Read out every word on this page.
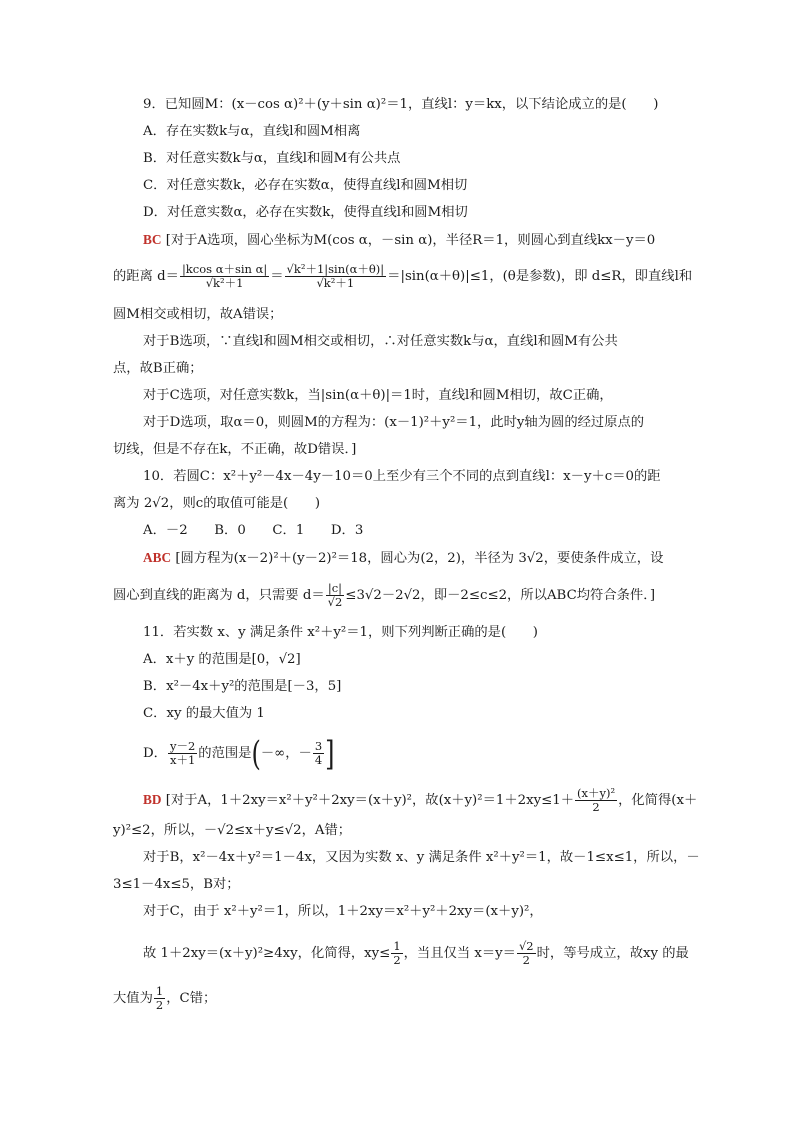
9．已知圆M：(x－cos α)²＋(y＋sin α)²＝1，直线l：y＝kx，以下结论成立的是(　　)
A．存在实数k与α，直线l和圆M相离
B．对任意实数k与α，直线l和圆M有公共点
C．对任意实数k，必存在实数α，使得直线l和圆M相切
D．对任意实数α，必存在实数k，使得直线l和圆M相切
BC [对于A选项，圆心坐标为M(cos α，－sin α)，半径R＝1，则圆心到直线kx－y＝0
的距离 $d= \frac{\text{|kcos α＋sin α|}}{\text{√k²＋1}} = \frac{\text{√k²＋1|sin(α＋θ)|}}{\text{√k²＋1}} =|\sin(\alpha+\theta)|\le 1$，(θ是参数)，即 d≤R，即直线l和
圆M相交或相切，故A错误；
对于B选项，∵直线l和圆M相交或相切，∴对任意实数k与α，直线l和圆M有公共
点，故B正确；
对于C选项，对任意实数k，当|sin(α＋θ)|＝1时，直线l和圆M相切，故C正确，
对于D选项，取α＝0，则圆M的方程为：(x－1)²＋y²＝1，此时y轴为圆的经过原点的
切线，但是不存在k，不正确，故D错误．]
10．若圆C：x²＋y²－4x－4y－10＝0上至少有三个不同的点到直线l：x－y＋c＝0的距
离为 2√2，则c的取值可能是(　　)
A．－2　　B．0　　C．1　　D．3
ABC [圆方程为(x－2)²＋(y－2)²＝18，圆心为(2，2)，半径为 3√2，要使条件成立，设
圆心到直线的距离为 d，只需要 $d= \frac{|c|}{√2} \le 3√2-2√2$，即－2≤c≤2，所以ABC均符合条件．]
11．若实数 x、y 满足条件 x²＋y²＝1，则下列判断正确的是(　　)
A．x＋y 的范围是[0，√2]
B．x²－4x＋y²的范围是[－3，5]
C．xy 的最大值为 1
D． $\frac{y-2}{x+1}$ 的范围是(－∞，－ $\frac{3}{4}$ ]
BD [对于A，1＋2xy＝x²＋y²＋2xy＝(x＋y)²，故$(x+y)^2=1+2xy\le 1+ \frac{\text{(x＋y)²}}{2}$ ，化简得(x＋
y)²≤2，所以，－√2≤x＋y≤√2，A错；
对于B，x²－4x＋y²＝1－4x，又因为实数 x、y 满足条件 x²＋y²＝1，故－1≤x≤1，所以，－
3≤1－4x≤5，B对；
对于C，由于 x²＋y²＝1，所以，1＋2xy＝x²＋y²＋2xy＝(x＋y)²，
故 1＋2xy＝(x＋y)²≥4xy，化简得，$xy\le \frac{1}{2}$ ，当且仅当 $x=y= \frac{√2}{2}$ 时，等号成立，故xy 的最
大值为 $\frac{1}{2}$ ，C错；
